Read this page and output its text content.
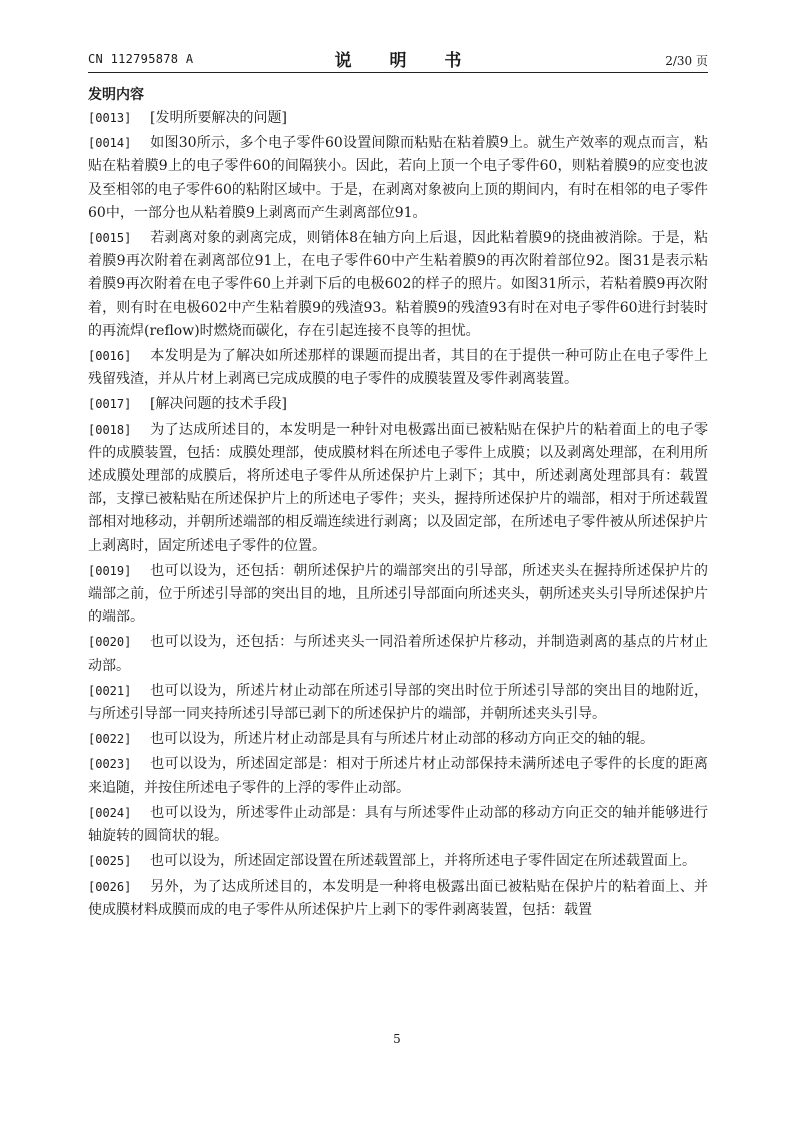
CN 112795878 A	说 明 书	2/30 页
发明内容

[0013] [发明所要解决的问题]

[0014] 如图30所示，多个电子零件60设置间隙而粘贴在粘着膜9上。就生产效率的观点而言，粘贴在粘着膜9上的电子零件60的间隔狭小。因此，若向上顶一个电子零件60，则粘着膜9的应变也波及至相邻的电子零件60的粘附区域中。于是，在剥离对象被向上顶的期间内，有时在相邻的电子零件60中，一部分也从粘着膜9上剥离而产生剥离部位91。

[0015] 若剥离对象的剥离完成，则销体8在轴方向上后退，因此粘着膜9的挠曲被消除。于是，粘着膜9再次附着在剥离部位91上，在电子零件60中产生粘着膜9的再次附着部位92。图31是表示粘着膜9再次附着在电子零件60上并剥下后的电极602的样子的照片。如图31所示，若粘着膜9再次附着，则有时在电极602中产生粘着膜9的残渣93。粘着膜9的残渣93有时在对电子零件60进行封装时的再流焊(reflow)时燃烧而碳化，存在引起连接不良等的担忧。

[0016] 本发明是为了解决如所述那样的课题而提出者，其目的在于提供一种可防止在电子零件上残留残渣，并从片材上剥离已完成成膜的电子零件的成膜装置及零件剥离装置。

[0017] [解决问题的技术手段]

[0018] 为了达成所述目的，本发明是一种针对电极露出面已被粘贴在保护片的粘着面上的电子零件的成膜装置，包括：成膜处理部，使成膜材料在所述电子零件上成膜；以及剥离处理部，在利用所述成膜处理部的成膜后，将所述电子零件从所述保护片上剥下；其中，所述剥离处理部具有：载置部，支撑已被粘贴在所述保护片上的所述电子零件；夹头，握持所述保护片的端部，相对于所述载置部相对地移动，并朝所述端部的相反端连续进行剥离；以及固定部，在所述电子零件被从所述保护片上剥离时，固定所述电子零件的位置。

[0019] 也可以设为，还包括：朝所述保护片的端部突出的引导部，所述夹头在握持所述保护片的端部之前，位于所述引导部的突出目的地，且所述引导部面向所述夹头，朝所述夹头引导所述保护片的端部。

[0020] 也可以设为，还包括：与所述夹头一同沿着所述保护片移动，并制造剥离的基点的片材止动部。

[0021] 也可以设为，所述片材止动部在所述引导部的突出时位于所述引导部的突出目的地附近，与所述引导部一同夹持所述引导部已剥下的所述保护片的端部，并朝所述夹头引导。

[0022] 也可以设为，所述片材止动部是具有与所述片材止动部的移动方向正交的轴的辊。

[0023] 也可以设为，所述固定部是：相对于所述片材止动部保持未满所述电子零件的长度的距离来追随，并按住所述电子零件的上浮的零件止动部。

[0024] 也可以设为，所述零件止动部是：具有与所述零件止动部的移动方向正交的轴并能够进行轴旋转的圆筒状的辊。

[0025] 也可以设为，所述固定部设置在所述载置部上，并将所述电子零件固定在所述载置面上。

[0026] 另外，为了达成所述目的，本发明是一种将电极露出面已被粘贴在保护片的粘着面上、并使成膜材料成膜而成的电子零件从所述保护片上剥下的零件剥离装置，包括：载置

5
